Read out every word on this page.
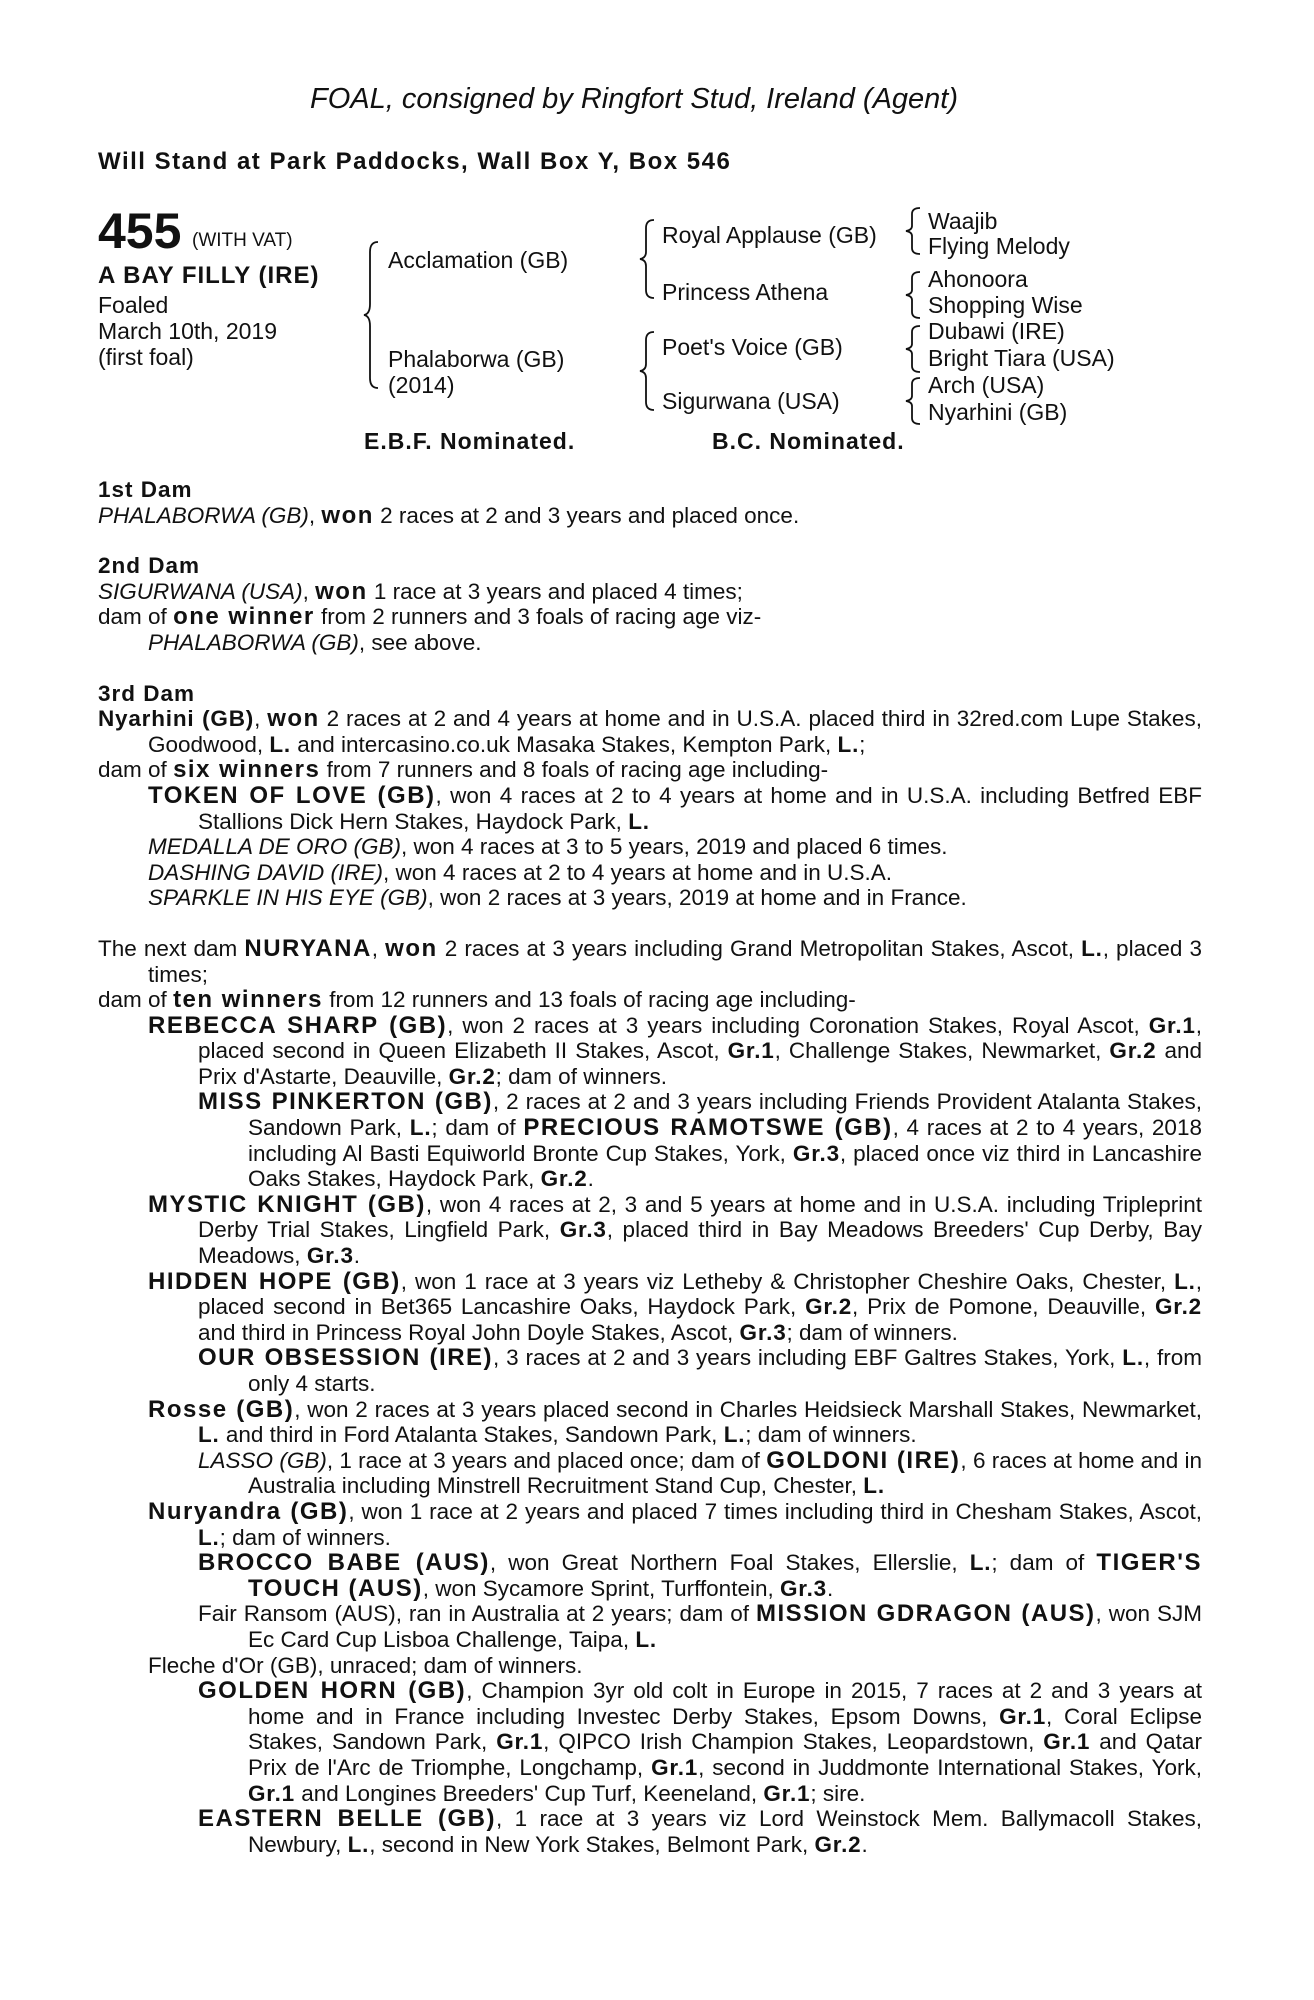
FOAL, consigned by Ringfort Stud, Ireland (Agent)
Will Stand at Park Paddocks, Wall Box Y, Box 546
455 (WITH VAT)
A BAY FILLY (IRE)
Foaled
March 10th, 2019
(first foal)
Acclamation (GB)
Phalaborwa (GB)
(2014)
Royal Applause (GB)
Princess Athena
Poet's Voice (GB)
Sigurwana (USA)
Waajib
Flying Melody
Ahonoora
Shopping Wise
Dubawi (IRE)
Bright Tiara (USA)
Arch (USA)
Nyarhini (GB)
E.B.F. Nominated.	B.C. Nominated.
1st Dam
PHALABORWA (GB), won 2 races at 2 and 3 years and placed once.
2nd Dam
SIGURWANA (USA), won 1 race at 3 years and placed 4 times;
dam of one winner from 2 runners and 3 foals of racing age viz-
PHALABORWA (GB), see above.
3rd Dam
Nyarhini (GB), won 2 races at 2 and 4 years at home and in U.S.A. placed third in 32red.com Lupe Stakes, Goodwood, L. and intercasino.co.uk Masaka Stakes, Kempton Park, L.;
dam of six winners from 7 runners and 8 foals of racing age including-
TOKEN OF LOVE (GB), won 4 races at 2 to 4 years at home and in U.S.A. including Betfred EBF Stallions Dick Hern Stakes, Haydock Park, L.
MEDALLA DE ORO (GB), won 4 races at 3 to 5 years, 2019 and placed 6 times.
DASHING DAVID (IRE), won 4 races at 2 to 4 years at home and in U.S.A.
SPARKLE IN HIS EYE (GB), won 2 races at 3 years, 2019 at home and in France.
The next dam NURYANA, won 2 races at 3 years including Grand Metropolitan Stakes, Ascot, L., placed 3 times;
dam of ten winners from 12 runners and 13 foals of racing age including-
REBECCA SHARP (GB), won 2 races at 3 years including Coronation Stakes, Royal Ascot, Gr.1, placed second in Queen Elizabeth II Stakes, Ascot, Gr.1, Challenge Stakes, Newmarket, Gr.2 and Prix d'Astarte, Deauville, Gr.2; dam of winners.
MISS PINKERTON (GB), 2 races at 2 and 3 years including Friends Provident Atalanta Stakes, Sandown Park, L.; dam of PRECIOUS RAMOTSWE (GB), 4 races at 2 to 4 years, 2018 including Al Basti Equiworld Bronte Cup Stakes, York, Gr.3, placed once viz third in Lancashire Oaks Stakes, Haydock Park, Gr.2.
MYSTIC KNIGHT (GB), won 4 races at 2, 3 and 5 years at home and in U.S.A. including Tripleprint Derby Trial Stakes, Lingfield Park, Gr.3, placed third in Bay Meadows Breeders' Cup Derby, Bay Meadows, Gr.3.
HIDDEN HOPE (GB), won 1 race at 3 years viz Letheby & Christopher Cheshire Oaks, Chester, L., placed second in Bet365 Lancashire Oaks, Haydock Park, Gr.2, Prix de Pomone, Deauville, Gr.2 and third in Princess Royal John Doyle Stakes, Ascot, Gr.3; dam of winners.
OUR OBSESSION (IRE), 3 races at 2 and 3 years including EBF Galtres Stakes, York, L., from only 4 starts.
Rosse (GB), won 2 races at 3 years placed second in Charles Heidsieck Marshall Stakes, Newmarket, L. and third in Ford Atalanta Stakes, Sandown Park, L.; dam of winners.
LASSO (GB), 1 race at 3 years and placed once; dam of GOLDONI (IRE), 6 races at home and in Australia including Minstrell Recruitment Stand Cup, Chester, L.
Nuryandra (GB), won 1 race at 2 years and placed 7 times including third in Chesham Stakes, Ascot, L.; dam of winners.
BROCCO BABE (AUS), won Great Northern Foal Stakes, Ellerslie, L.; dam of TIGER'S TOUCH (AUS), won Sycamore Sprint, Turffontein, Gr.3.
Fair Ransom (AUS), ran in Australia at 2 years; dam of MISSION GDRAGON (AUS), won SJM Ec Card Cup Lisboa Challenge, Taipa, L.
Fleche d'Or (GB), unraced; dam of winners.
GOLDEN HORN (GB), Champion 3yr old colt in Europe in 2015, 7 races at 2 and 3 years at home and in France including Investec Derby Stakes, Epsom Downs, Gr.1, Coral Eclipse Stakes, Sandown Park, Gr.1, QIPCO Irish Champion Stakes, Leopardstown, Gr.1 and Qatar Prix de l'Arc de Triomphe, Longchamp, Gr.1, second in Juddmonte International Stakes, York, Gr.1 and Longines Breeders' Cup Turf, Keeneland, Gr.1; sire.
EASTERN BELLE (GB), 1 race at 3 years viz Lord Weinstock Mem. Ballymacoll Stakes, Newbury, L., second in New York Stakes, Belmont Park, Gr.2.
